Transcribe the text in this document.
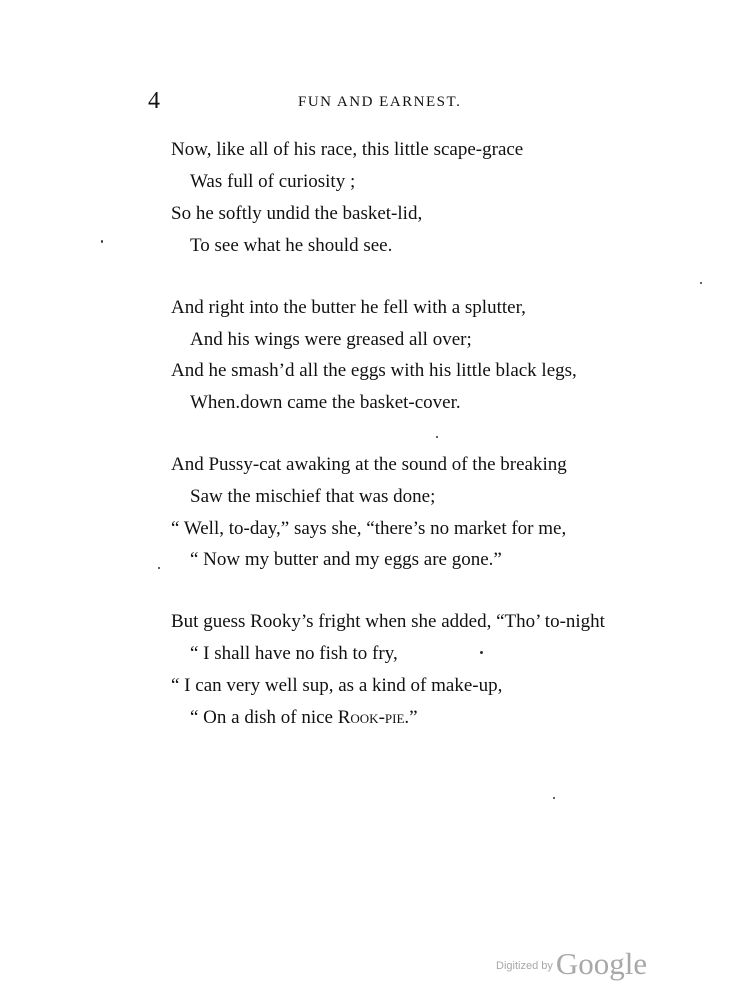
4	FUN AND EARNEST.
Now, like all of his race, this little scape-grace
Was full of curiosity ;
So he softly undid the basket-lid,
To see what he should see.
And right into the butter he fell with a splutter,
And his wings were greased all over;
And he smash’d all the eggs with his little black legs,
When.down came the basket-cover.
And Pussy-cat awaking at the sound of the breaking
Saw the mischief that was done;
“ Well, to-day,” says she, “there’s no market for me,
“ Now my butter and my eggs are gone.”
But guess Rooky’s fright when she added, “Tho’ to-night
“ I shall have no fish to fry,
“ I can very well sup, as a kind of make-up,
“ On a dish of nice Rook-pie.”
$^{Digitized by}$Google
